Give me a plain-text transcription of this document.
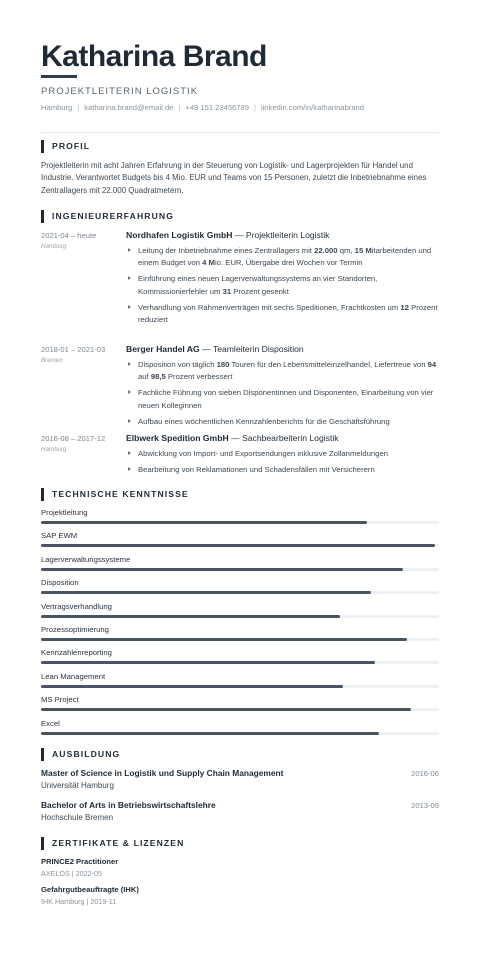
Katharina Brand
PROJEKTLEITERIN LOGISTIK
Hamburg | katharina.brand@email.de | +49 151 23456789 | linkedin.com/in/katharinabrand
PROFIL
Projektleiterin mit acht Jahren Erfahrung in der Steuerung von Logistik- und Lagerprojekten für Handel und Industrie. Verantwortet Budgets bis 4 Mio. EUR und Teams von 15 Personen, zuletzt die Inbetriebnahme eines Zentrallagers mit 22.000 Quadratmetern.
INGENIEURERFAHRUNG
2021-04 – heute
Hamburg
Nordhafen Logistik GmbH — Projektleiterin Logistik
Leitung der Inbetriebnahme eines Zentrallagers mit 22.000 qm, 15 Mitarbeitenden und einem Budget von 4 Mio. EUR, Übergabe drei Wochen vor Termin
Einführung eines neuen Lagerverwaltungssystems an vier Standorten, Kommissionierfehler um 31 Prozent gesenkt
Verhandlung von Rahmenverträgen mit sechs Speditionen, Frachtkosten um 12 Prozent reduziert
2018-01 – 2021-03
Bremen
Berger Handel AG — Teamleiterin Disposition
Disposition von täglich 180 Touren für den Lebensmitteleinzelhandel, Liefertreue von 94 auf 98,5 Prozent verbessert
Fachliche Führung von sieben Disponentinnen und Disponenten, Einarbeitung von vier neuen Kolleginnen
Aufbau eines wöchentlichen Kennzahlenberichts für die Geschäftsführung
2016-08 – 2017-12
Hamburg
Elbwerk Spedition GmbH — Sachbearbeiterin Logistik
Abwicklung von Import- und Exportsendungen inklusive Zollanmeldungen
Bearbeitung von Reklamationen und Schadensfällen mit Versicherern
TECHNISCHE KENNTNISSE
Projektleitung
SAP EWM
Lagerverwaltungssysteme
Disposition
Vertragsverhandlung
Prozessoptimierung
Kennzahlenreporting
Lean Management
MS Project
Excel
AUSBILDUNG
Master of Science in Logistik und Supply Chain Management
Universität Hamburg
2016-06
Bachelor of Arts in Betriebswirtschaftslehre
Hochschule Bremen
2013-09
ZERTIFIKATE & LIZENZEN
PRINCE2 Practitioner
AXELOS | 2022-05
Gefahrgutbeauftragte (IHK)
IHK Hamburg | 2019-11
